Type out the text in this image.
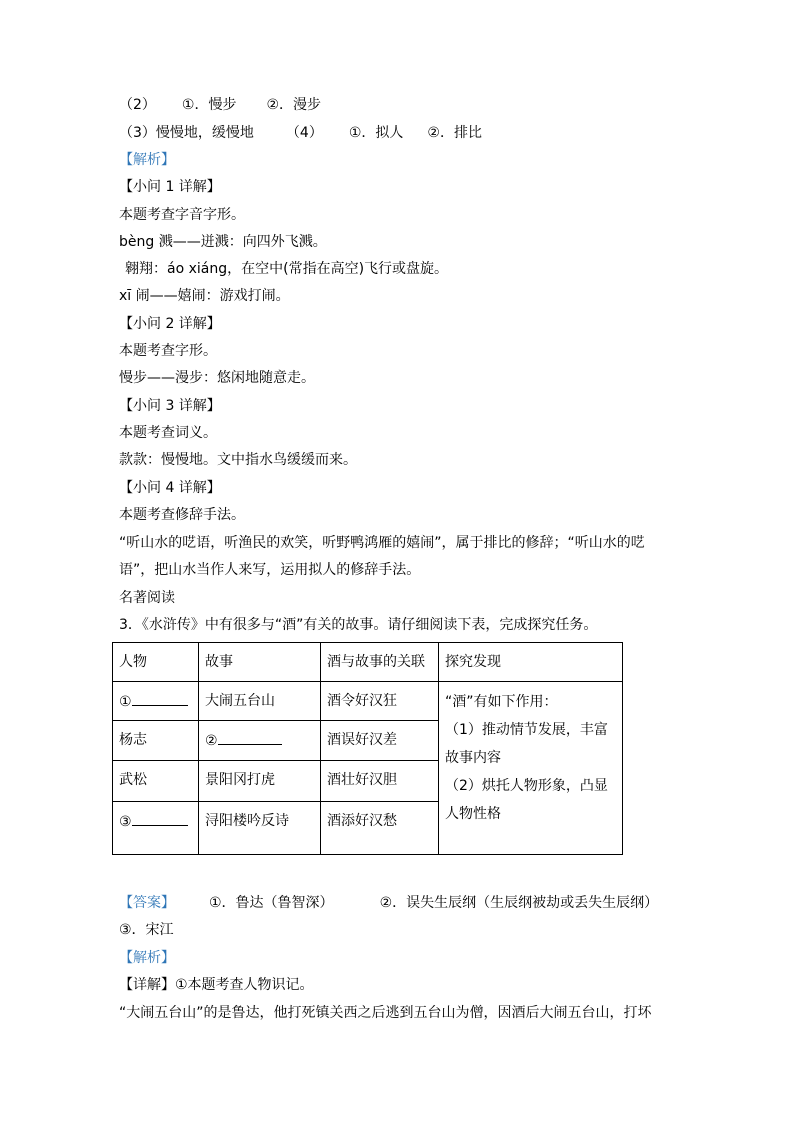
（2） ①．慢步 ②．漫步
（3）慢慢地，缓慢地 （4） ①．拟人 ②．排比
【解析】
【小问 1 详解】
本题考查字音字形。
bèng 溅——迸溅：向四外飞溅。
翱翔：áo xiáng，在空中(常指在高空)飞行或盘旋。
xī 闹——嬉闹：游戏打闹。
【小问 2 详解】
本题考查字形。
慢步——漫步：悠闲地随意走。
【小问 3 详解】
本题考查词义。
款款：慢慢地。文中指水鸟缓缓而来。
【小问 4 详解】
本题考查修辞手法。
“听山水的呓语，听渔民的欢笑，听野鸭鸿雁的嬉闹”，属于排比的修辞；“听山水的呓
语”，把山水当作人来写，运用拟人的修辞手法。
名著阅读
3．《水浒传》中有很多与“酒”有关的故事。请仔细阅读下表，完成探究任务。
人物	故事	酒与故事的关联	探究发现
①	大闹五台山	酒令好汉狂	“酒”有如下作用：
（1）推动情节发展，丰富
故事内容
（2）烘托人物形象，凸显
人物性格

杨志	②	酒误好汉差	
武松	景阳冈打虎	酒壮好汉胆	
③	浔阳楼吟反诗	酒添好汉愁	
【答案】 ①．鲁达（鲁智深）	②．误失生辰纲（生辰纲被劫或丢失生辰纲）
③．宋江
【解析】
【详解】①本题考查人物识记。
“大闹五台山”的是鲁达，他打死镇关西之后逃到五台山为僧，因酒后大闹五台山，打坏
